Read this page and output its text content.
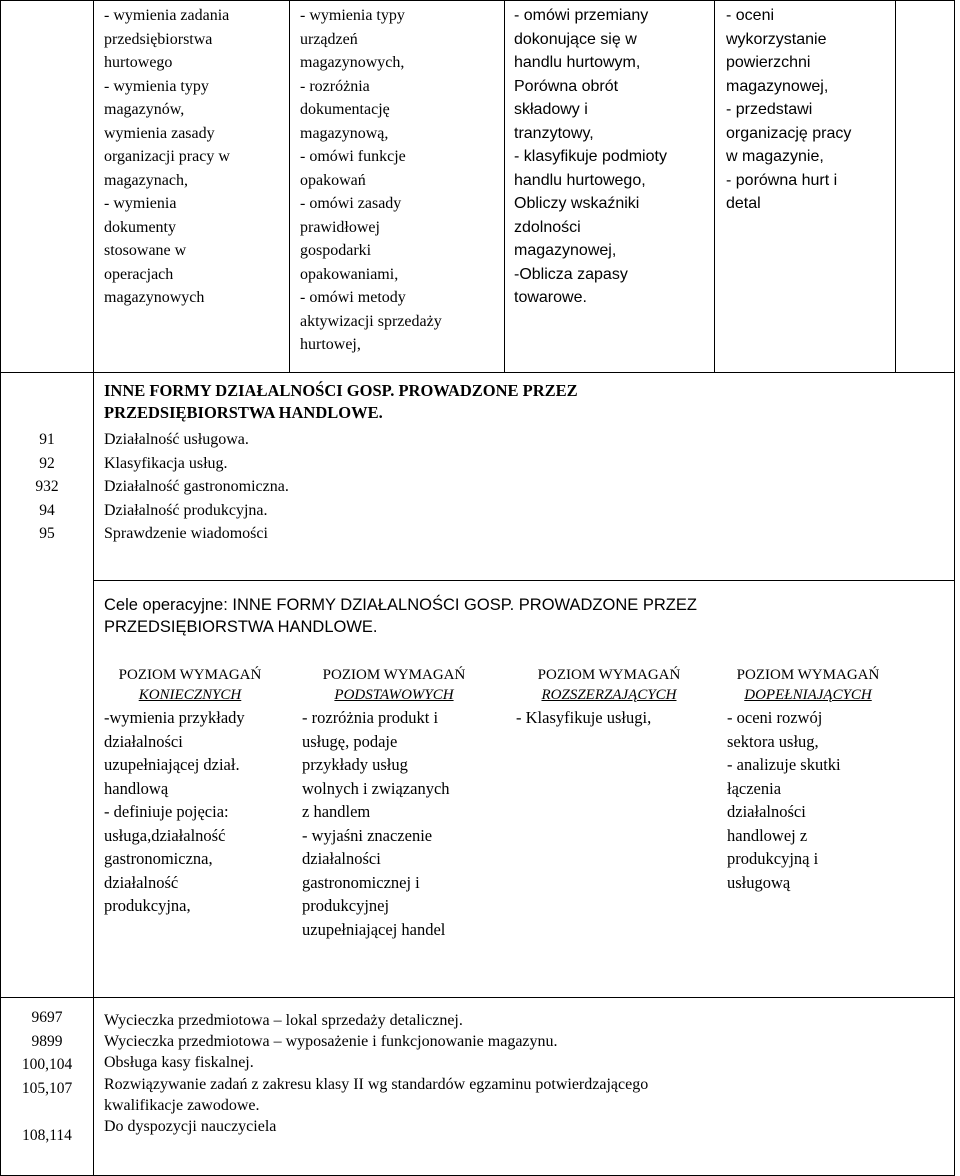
- wymienia zadania
przedsiębiorstwa
hurtowego
- wymienia typy
magazynów,
wymienia zasady
organizacji pracy w
magazynach,
- wymienia
dokumenty
stosowane w
operacjach
magazynowych
- wymienia typy
urządzeń
magazynowych,
- rozróżnia
dokumentację
magazynową,
- omówi funkcje
opakowań
- omówi zasady
prawidłowej
gospodarki
opakowaniami,
- omówi metody
aktywizacji sprzedaży
hurtowej,
- omówi przemiany
dokonujące się w
handlu hurtowym,
Porówna obrót
składowy i
tranzytowy,
- klasyfikuje podmioty
handlu hurtowego,
Obliczy wskaźniki
zdolności
magazynowej,
-Oblicza zapasy
towarowe.
- oceni
wykorzystanie
powierzchni
magazynowej,
- przedstawi
organizację pracy
w magazynie,
- porówna hurt i
detal
91
92
932
94
95
INNE FORMY DZIAŁALNOŚCI GOSP. PROWADZONE PRZEZ
PRZEDSIĘBIORSTWA HANDLOWE.
Działalność usługowa.
Klasyfikacja usług.
Działalność gastronomiczna.
Działalność produkcyjna.
Sprawdzenie wiadomości
Cele operacyjne: INNE FORMY DZIAŁALNOŚCI GOSP. PROWADZONE PRZEZ
PRZEDSIĘBIORSTWA HANDLOWE.
POZIOM WYMAGAŃ
KONIECZNYCH
POZIOM WYMAGAŃ
PODSTAWOWYCH
POZIOM WYMAGAŃ
ROZSZERZAJĄCYCH
POZIOM WYMAGAŃ
DOPEŁNIAJĄCYCH
-wymienia przykłady
działalności
uzupełniającej dział.
handlową
- definiuje pojęcia:
usługa,działalność
gastronomiczna,
działalność
produkcyjna,
- rozróżnia produkt i
usługę, podaje
przykłady usług
wolnych i związanych
z handlem
- wyjaśni znaczenie
działalności
gastronomicznej i
produkcyjnej
uzupełniającej handel
- Klasyfikuje usługi,	- oceni rozwój
sektora usług,
- analizuje skutki
łączenia
działalności
handlowej z
produkcyjną i
usługową
9697
9899
100,104
105,107

108,114
Wycieczka przedmiotowa – lokal sprzedaży detalicznej.
Wycieczka przedmiotowa – wyposażenie i funkcjonowanie magazynu.
Obsługa kasy fiskalnej.
Rozwiązywanie zadań z zakresu klasy II wg standardów egzaminu potwierdzającego
kwalifikacje zawodowe.
Do dyspozycji nauczyciela
